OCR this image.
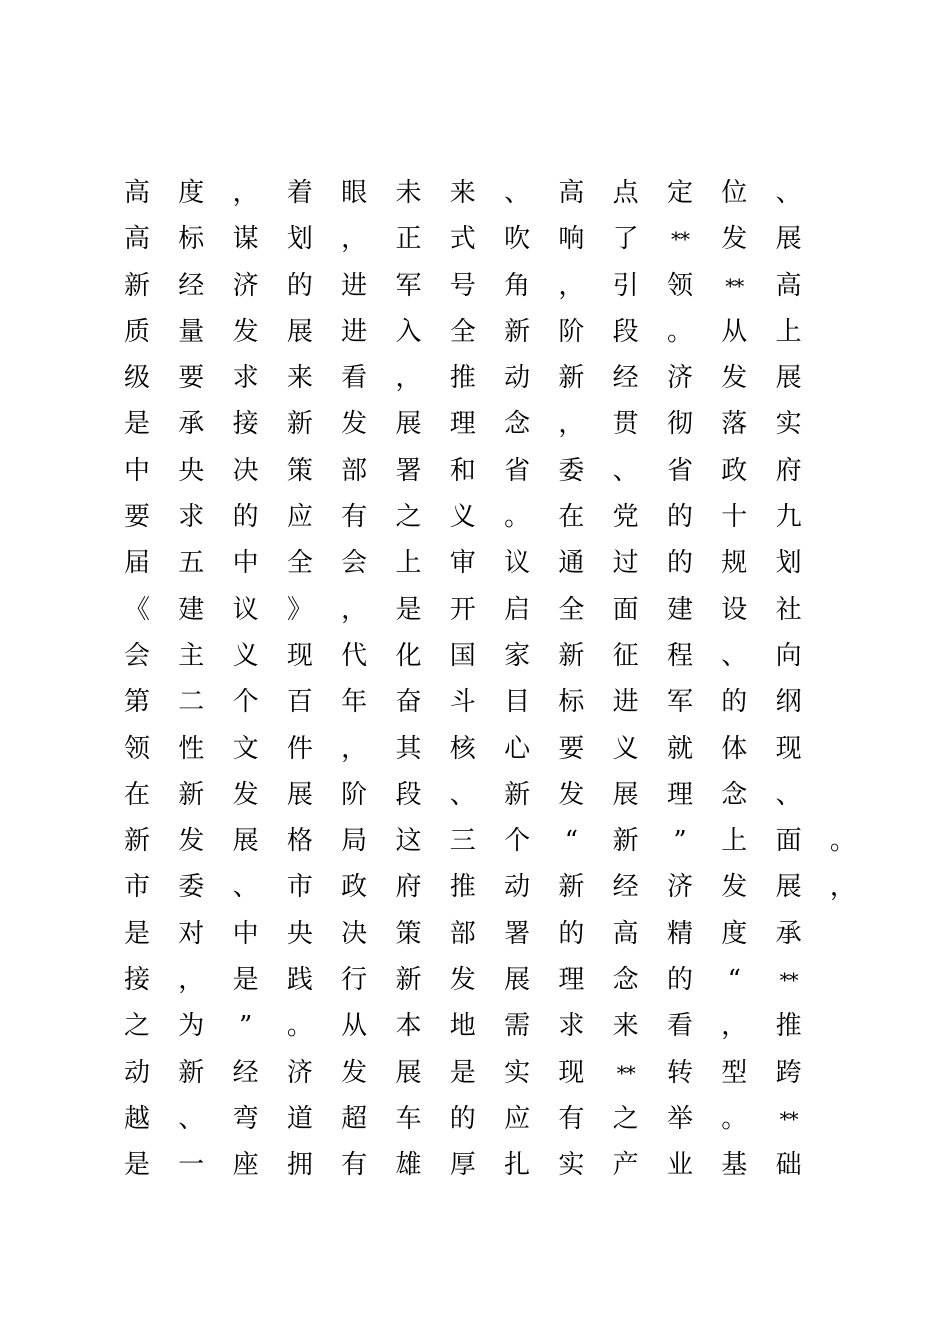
高 度 ， 着 眼 未 来 、 高 点 定 位 、
高 标 谋 划 ， 正 式 吹 响 了	** 发 展
新 经 济 的 进 军 号 角 ， 引 领	** 高
质 量 发 展 进 入 全 新 阶 段 。 从 上
级 要 求 来 看 ， 推 动 新 经 济 发 展
是 承 接 新 发 展 理 念 ， 贯 彻 落 实
中 央 决 策 部 署 和 省 委 、 省 政 府
要 求 的 应 有 之 义 。 在 党 的 十 九
届 五 中 全 会 上 审 议 通 过 的 规 划
《 建 议 》 ， 是 开 启 全 面 建 设 社
会 主 义 现 代 化 国 家 新 征 程 、 向
第 二 个 百 年 奋 斗 目 标 进 军 的 纲
领 性 文 件 ， 其 核 心 要 义 就 体 现
在 新 发 展 阶 段 、 新 发 展 理 念 、
新 发 展 格 局 这 三 个	“	新	”	上 面 。
市 委 、 市 政 府 推 动 新 经 济 发 展 ，
是 对 中 央 决 策 部 署 的 高 精 度 承
接 ， 是 践 行 新 发 展 理 念 的	“	**
之 为	”	。 从 本 地 需 求 来 看 ， 推
动 新 经 济 发 展 是 实 现	** 转 型 跨
越 、 弯 道 超 车 的 应 有 之 举 。	**
是 一 座 拥 有 雄 厚 扎 实 产 业 基 础
